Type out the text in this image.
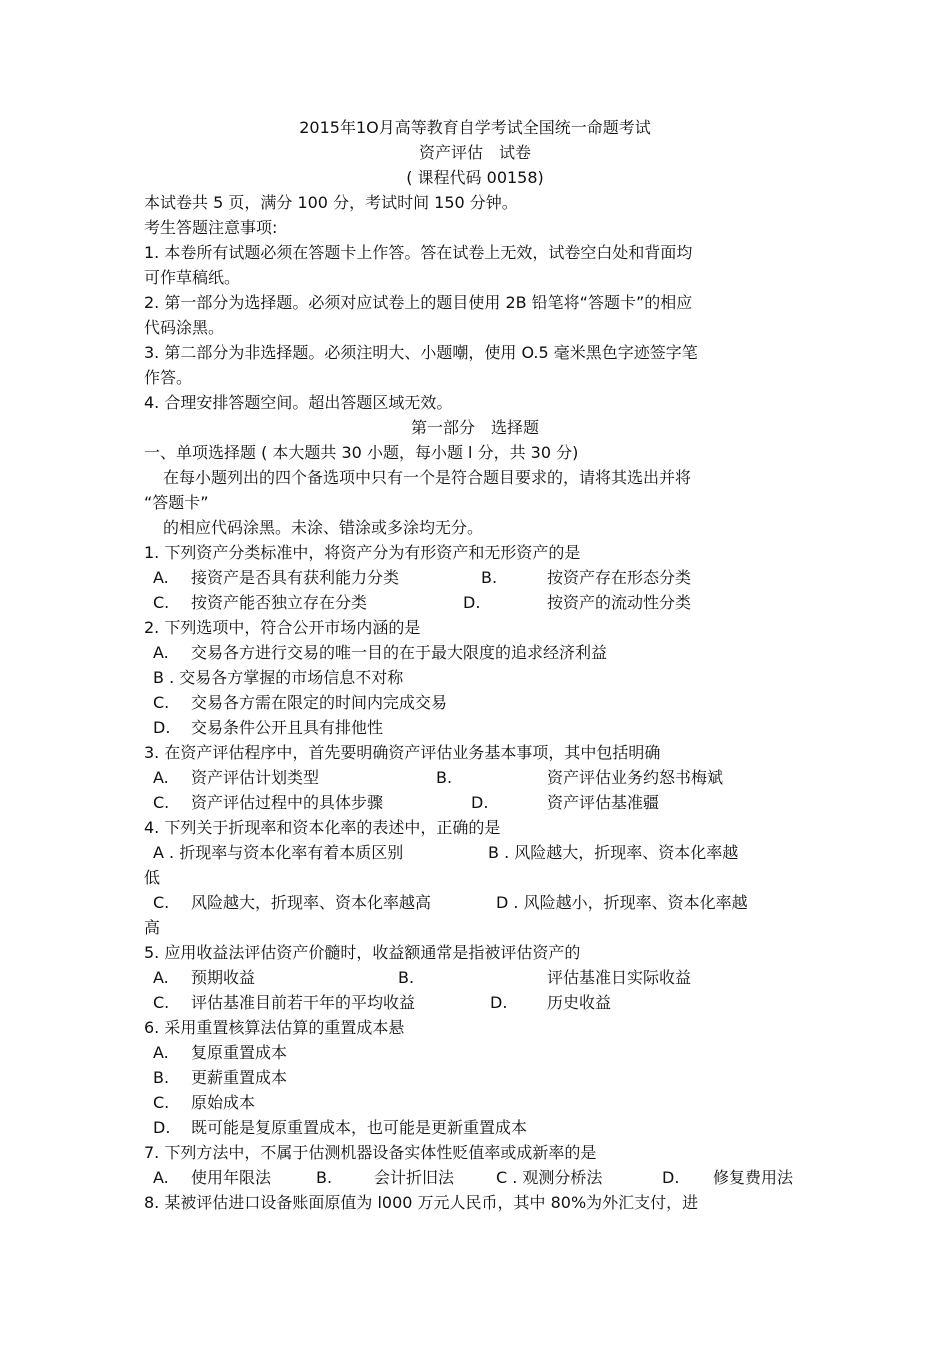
2015年1O月高等教育自学考试全国统一命题考试
资产评估　试卷
( 课程代码 00158)
本试卷共 5 页，满分 100 分，考试时间 150 分钟。
考生答题注意事项:
1. 本卷所有试题必须在答题卡上作答。答在试卷上无效，试卷空白处和背面均
可作草稿纸。
2. 第一部分为选择题。必须对应试卷上的题目使用 2B 铅笔将“答题卡”的相应
代码涂黑。
3. 第二部分为非选择题。必须注明大、小题嘲，使用 O.5 毫米黑色字迹签字笔
作答。
4. 合理安排答题空间。超出答题区域无效。
第一部分　选择题
一、单项选择题 ( 本大题共 30 小题，每小题 l 分，共 30 分)
在每小题列出的四个备选项中只有一个是符合题目要求的，请将其选出并将
“答题卡”
的相应代码涂黑。未涂、错涂或多涂均无分。
1. 下列资产分类标准中，将资产分为有形资产和无形资产的是
A. 接资产是否具有获利能力分类	B.	按资产存在形态分类
C. 按资产能否独立存在分类	D.	按资产的流动性分类
2. 下列选项中，符合公开市场内涵的是
A. 交易各方进行交易的唯一目的在于最大限度的追求经济利益
B . 交易各方掌握的市场信息不对称
C. 交易各方需在限定的时间内完成交易
D. 交易条件公开且具有排他性
3. 在资产评估程序中，首先要明确资产评估业务基本事项，其中包括明确
A. 资产评估计划类型	B.	资产评估业务约怒书梅斌
C. 资产评估过程中的具体步骤	D.	资产评估基准疆
4. 下列关于折现率和资本化率的表述中，正确的是
A . 折现率与资本化率有着本质区别	B . 风险越大，折现率、资本化率越
低
C. 风险越大，折现率、资本化率越高	D . 风险越小，折现率、资本化率越
高
5. 应用收益法评估资产价髓时，收益额通常是指被评估资产的
A. 预期收益	B.	评估基准日实际收益
C. 评估基准目前若干年的平均收益	D. 历史收益
6. 采用重置核算法估算的重置成本悬
A. 复原重置成本
B. 更薪重置成本
C. 原始成本
D. 既可能是复原重置成本，也可能是更新重置成本
7. 下列方法中，不属于估测机器设备实体性贬值率或成新率的是
A. 使用年限法	B.	会计折旧法	C . 观测分桥法	D. 修复费用法
8. 某被评估进口设备账面原值为 l000 万元人民币，其中 80%为外汇支付，进
